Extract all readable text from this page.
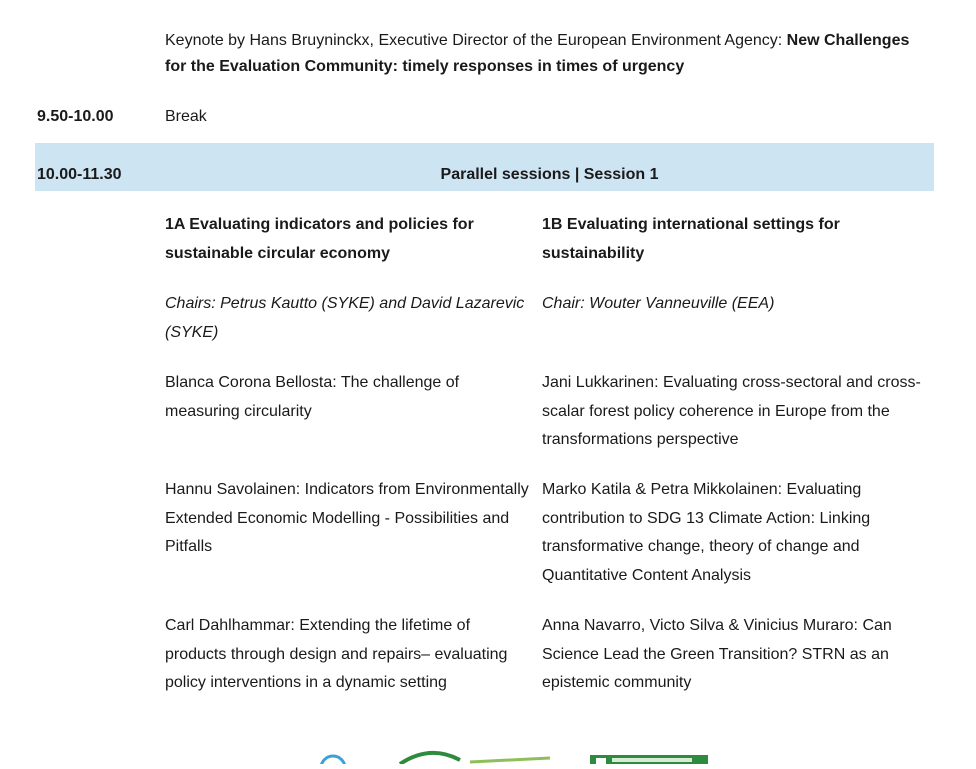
Keynote by Hans Bruyninckx, Executive Director of the European Environment Agency: New Challenges for the Evaluation Community: timely responses in times of urgency
9.50-10.00	Break
10.00-11.30	Parallel sessions | Session 1
1A Evaluating indicators and policies for sustainable circular economy
Chairs: Petrus Kautto (SYKE) and David Lazarevic (SYKE)
Blanca Corona Bellosta: The challenge of measuring circularity
Hannu Savolainen: Indicators from Environmentally Extended Economic Modelling - Possibilities and Pitfalls
Carl Dahlhammar: Extending the lifetime of products through design and repairs– evaluating policy interventions in a dynamic setting
1B Evaluating international settings for sustainability
Chair: Wouter Vanneuville (EEA)
Jani Lukkarinen: Evaluating cross-sectoral and cross-scalar forest policy coherence in Europe from the transformations perspective
Marko Katila & Petra Mikkolainen: Evaluating contribution to SDG 13 Climate Action: Linking transformative change, theory of change and Quantitative Content Analysis
Anna Navarro, Victo Silva & Vinicius Muraro: Can Science Lead the Green Transition? STRN as an epistemic community
